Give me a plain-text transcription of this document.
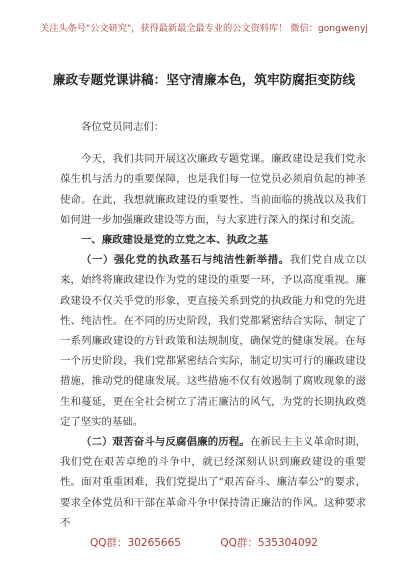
关注头条号"公文研究"，获得最新最全最专业的公文资料库！ 微信：gongwenyj
廉政专题党课讲稿：坚守清廉本色，筑牢防腐拒变防线

各位党员同志们：

今天，我们共同开展这次廉政专题党课。廉政建设是我们党永葆生机与活力的重要保障，也是我们每一位党员必须肩负起的神圣使命。在此，我想就廉政建设的重要性、当前面临的挑战以及我们如何进一步加强廉政建设等方面，与大家进行深入的探讨和交流。

一、廉政建设是党的立党之本、执政之基

（一）强化党的执政基石与纯洁性新举措。我们党自成立以来，始终将廉政建设作为党的建设的重要一环，予以高度重视。廉政建设不仅关乎党的形象，更直接关系到党的执政能力和党的先进性、纯洁性。在不同的历史阶段，我们党都紧密结合实际，制定了一系列廉政建设的方针政策和法规制度，确保党的健康发展。在每一个历史阶段，我们党都紧密结合实际，制定切实可行的廉政建设措施，推动党的健康发展。这些措施不仅有效遏制了腐败现象的滋生和蔓延，更在全社会树立了清正廉洁的风气，为党的长期执政奠定了坚实的基础。

（二）艰苦奋斗与反腐倡廉的历程。在新民主主义革命时期，我们党在艰苦卓绝的斗争中，就已经深刻认识到廉政建设的重要性。面对重重困难，我们党提出了"艰苦奋斗、廉洁奉公"的要求，要求全体党员和干部在革命斗争中保持清正廉洁的作风。这种要求不

QQ群：30265665	QQ群：535304092
